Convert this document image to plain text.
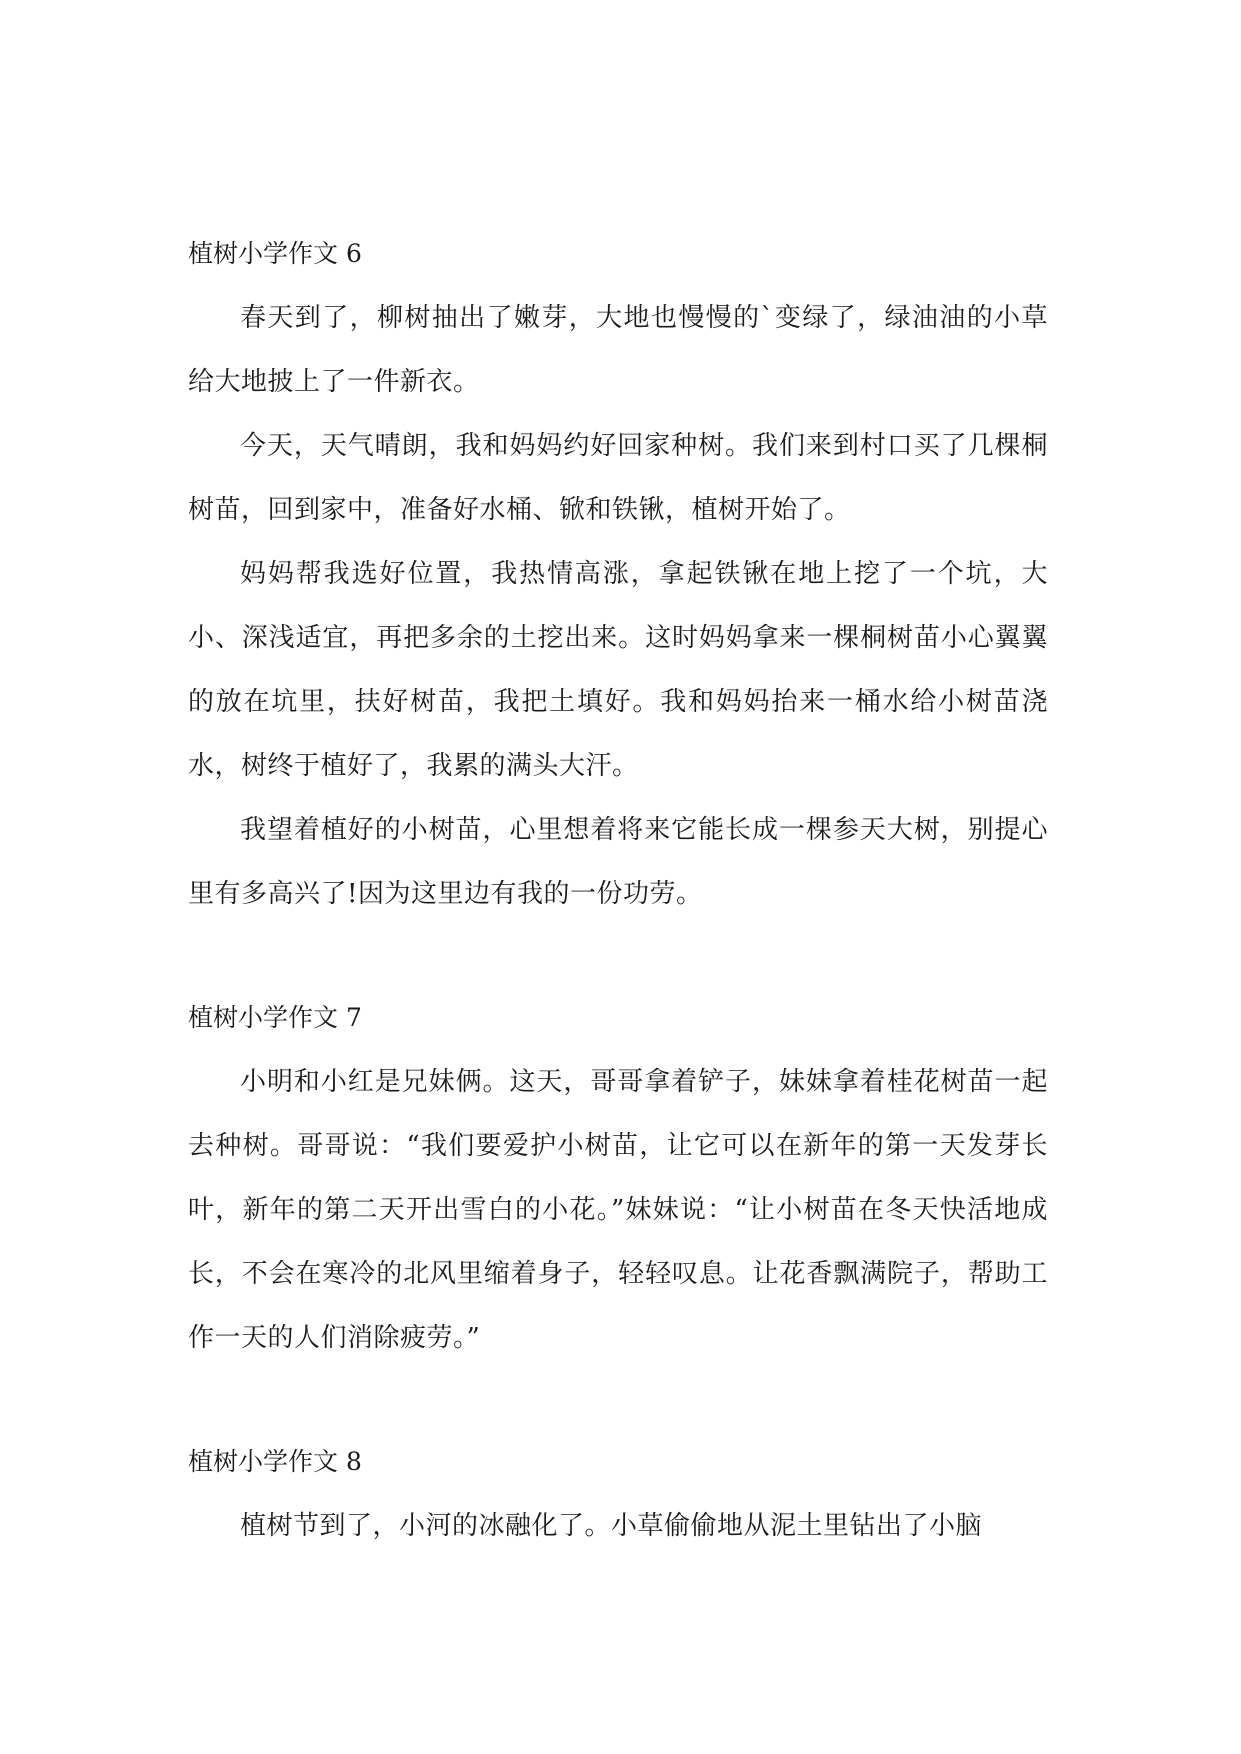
植树小学作文 6

春天到了，柳树抽出了嫩芽，大地也慢慢的`变绿了，绿油油的小草给大地披上了一件新衣。

今天，天气晴朗，我和妈妈约好回家种树。我们来到村口买了几棵桐树苗，回到家中，准备好水桶、锨和铁锹，植树开始了。

妈妈帮我选好位置，我热情高涨，拿起铁锹在地上挖了一个坑，大小、深浅适宜，再把多余的土挖出来。这时妈妈拿来一棵桐树苗小心翼翼的放在坑里，扶好树苗，我把土填好。我和妈妈抬来一桶水给小树苗浇水，树终于植好了，我累的满头大汗。

我望着植好的小树苗，心里想着将来它能长成一棵参天大树，别提心里有多高兴了!因为这里边有我的一份功劳。

植树小学作文 7

小明和小红是兄妹俩。这天，哥哥拿着铲子，妹妹拿着桂花树苗一起去种树。哥哥说：“我们要爱护小树苗，让它可以在新年的第一天发芽长叶，新年的第二天开出雪白的小花。”妹妹说：“让小树苗在冬天快活地成长，不会在寒冷的北风里缩着身子，轻轻叹息。让花香飘满院子，帮助工作一天的人们消除疲劳。”

植树小学作文 8

植树节到了，小河的冰融化了。小草偷偷地从泥土里钻出了小脑
